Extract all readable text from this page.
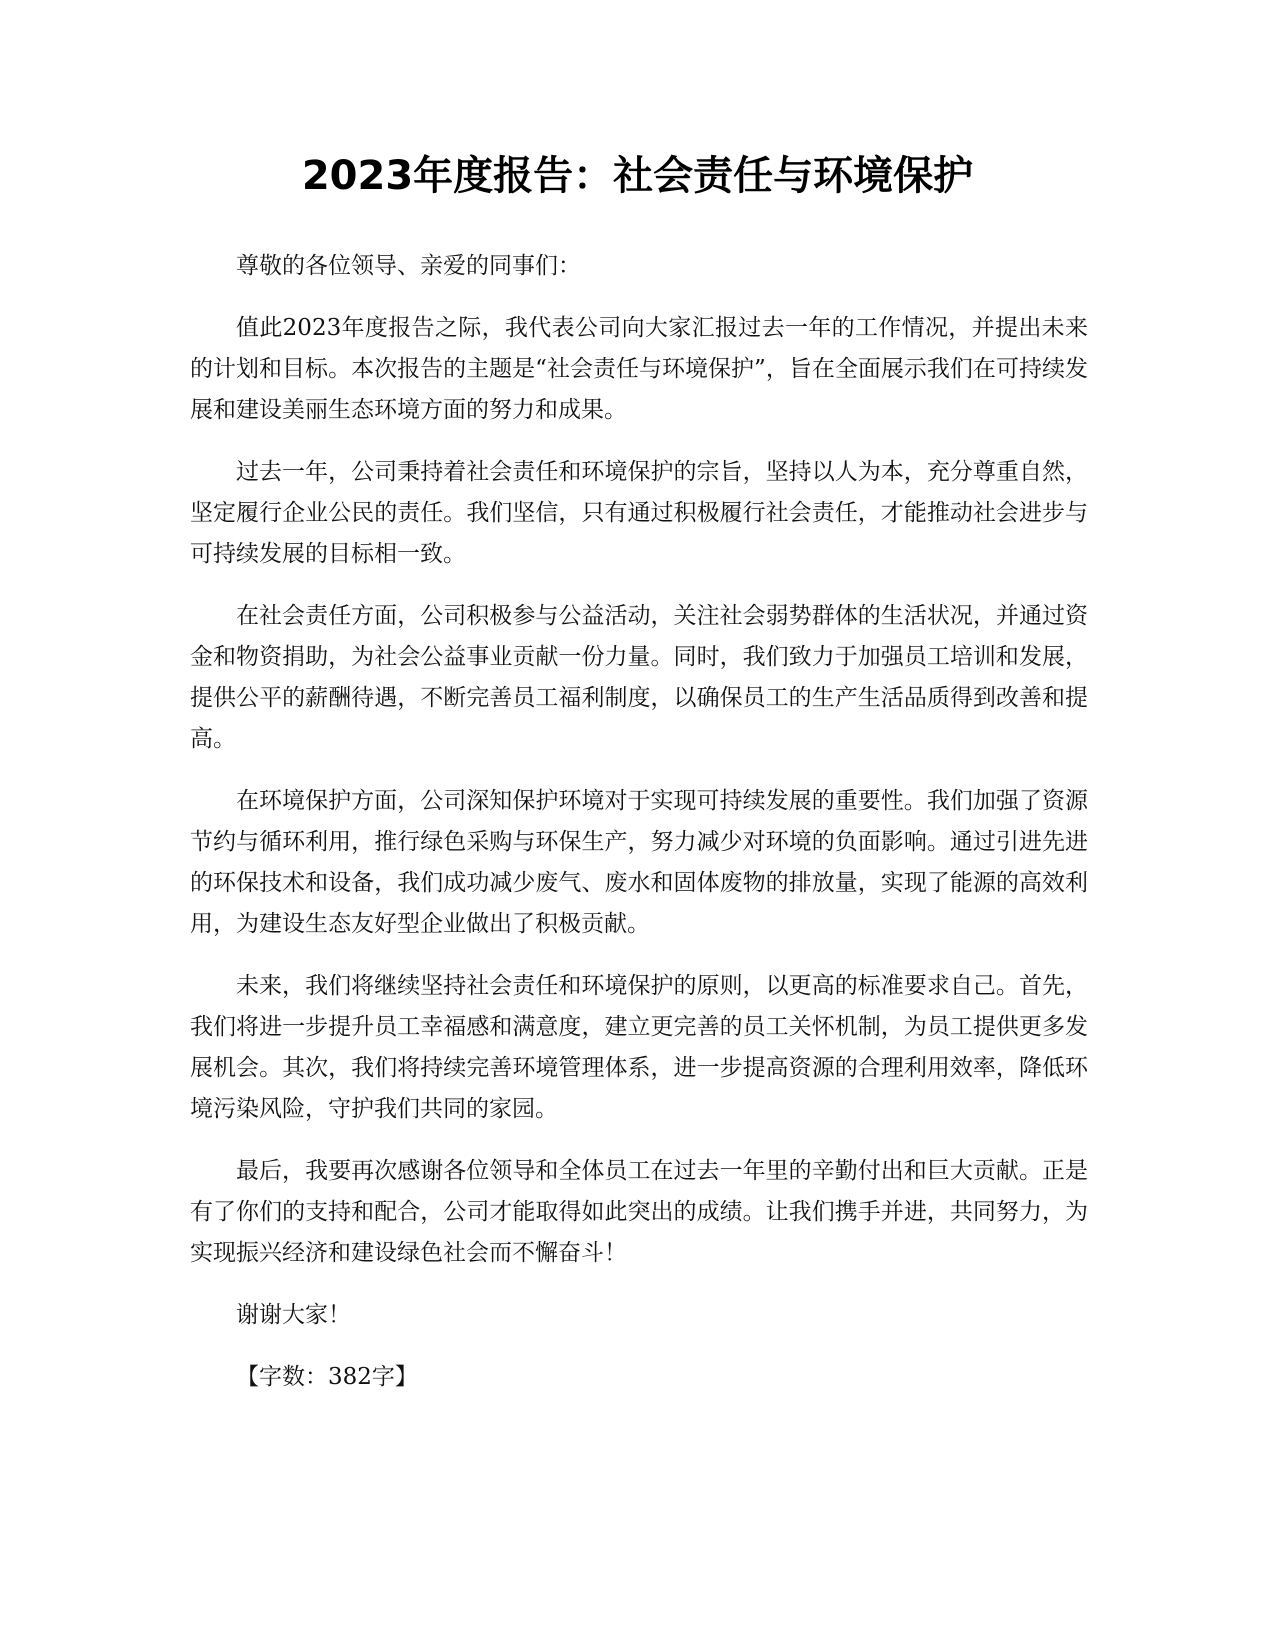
2023年度报告：社会责任与环境保护

尊敬的各位领导、亲爱的同事们：

值此2023年度报告之际，我代表公司向大家汇报过去一年的工作情况，并提出未来的计划和目标。本次报告的主题是“社会责任与环境保护”，旨在全面展示我们在可持续发展和建设美丽生态环境方面的努力和成果。

过去一年，公司秉持着社会责任和环境保护的宗旨，坚持以人为本，充分尊重自然，坚定履行企业公民的责任。我们坚信，只有通过积极履行社会责任，才能推动社会进步与可持续发展的目标相一致。

在社会责任方面，公司积极参与公益活动，关注社会弱势群体的生活状况，并通过资金和物资捐助，为社会公益事业贡献一份力量。同时，我们致力于加强员工培训和发展，提供公平的薪酬待遇，不断完善员工福利制度，以确保员工的生产生活品质得到改善和提高。

在环境保护方面，公司深知保护环境对于实现可持续发展的重要性。我们加强了资源节约与循环利用，推行绿色采购与环保生产，努力减少对环境的负面影响。通过引进先进的环保技术和设备，我们成功减少废气、废水和固体废物的排放量，实现了能源的高效利用，为建设生态友好型企业做出了积极贡献。

未来，我们将继续坚持社会责任和环境保护的原则，以更高的标准要求自己。首先，我们将进一步提升员工幸福感和满意度，建立更完善的员工关怀机制，为员工提供更多发展机会。其次，我们将持续完善环境管理体系，进一步提高资源的合理利用效率，降低环境污染风险，守护我们共同的家园。

最后，我要再次感谢各位领导和全体员工在过去一年里的辛勤付出和巨大贡献。正是有了你们的支持和配合，公司才能取得如此突出的成绩。让我们携手并进，共同努力，为实现振兴经济和建设绿色社会而不懈奋斗！

谢谢大家！

【字数：382字】
